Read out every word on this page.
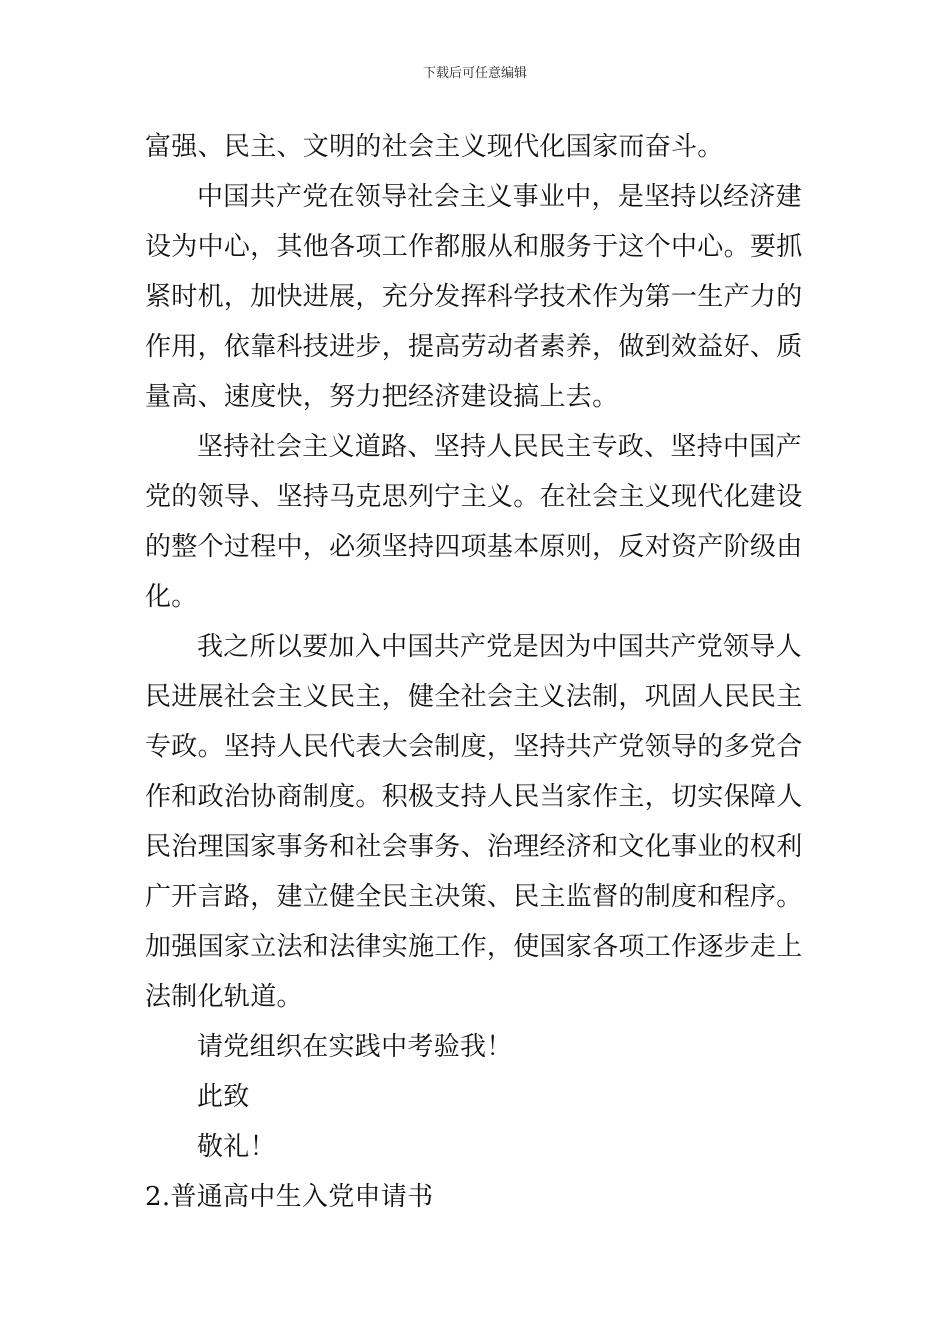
下载后可任意编辑
富强、民主、文明的社会主义现代化国家而奋斗。
中国共产党在领导社会主义事业中，是坚持以经济建
设为中心，其他各项工作都服从和服务于这个中心。要抓
紧时机，加快进展，充分发挥科学技术作为第一生产力的
作用，依靠科技进步，提高劳动者素养，做到效益好、质
量高、速度快，努力把经济建设搞上去。
坚持社会主义道路、坚持人民民主专政、坚持中国产
党的领导、坚持马克思列宁主义。在社会主义现代化建设
的整个过程中，必须坚持四项基本原则，反对资产阶级由
化。
我之所以要加入中国共产党是因为中国共产党领导人
民进展社会主义民主，健全社会主义法制，巩固人民民主
专政。坚持人民代表大会制度，坚持共产党领导的多党合
作和政治协商制度。积极支持人民当家作主，切实保障人
民治理国家事务和社会事务、治理经济和文化事业的权利
广开言路，建立健全民主决策、民主监督的制度和程序。
加强国家立法和法律实施工作，使国家各项工作逐步走上
法制化轨道。
请党组织在实践中考验我！
此致
敬礼！
2.普通高中生入党申请书
